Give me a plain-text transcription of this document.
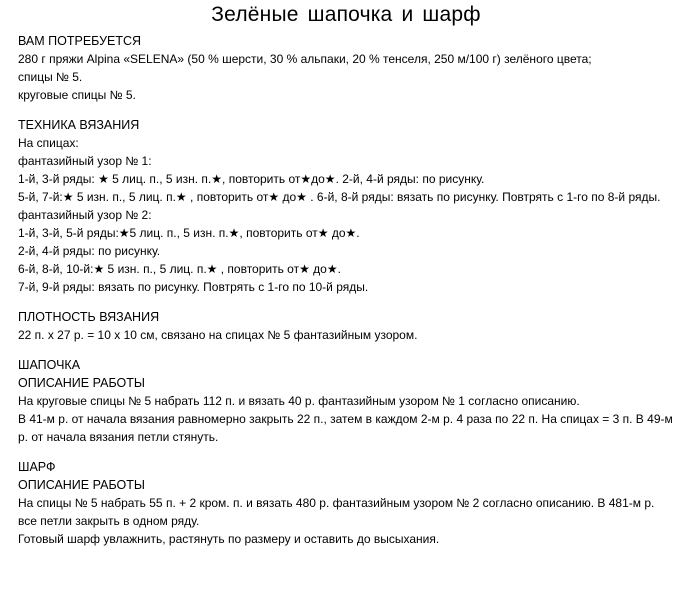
Зелёные шапочка и шарф
ВАМ ПОТРЕБУЕТСЯ
280 г пряжи Alpina «SELENA» (50 % шерсти, 30 % альпаки, 20 % тенселя, 250 м/100 г) зелёного цвета;
спицы № 5.
круговые спицы № 5.
ТЕХНИКА ВЯЗАНИЯ
На спицах:
фантазийный узор № 1:
1-й, 3-й ряды: ★ 5 лиц. п., 5 изн. п.★, повторить от★до★. 2-й, 4-й ряды: по рисунку.
5-й, 7-й:★ 5 изн. п., 5 лиц. п.★ , повторить от★ до★ . 6-й, 8-й ряды: вязать по рисунку. Повтрять с 1-го по 8-й ряды.
фантазийный узор № 2:
1-й, 3-й, 5-й ряды:★5 лиц. п., 5 изн. п.★, повторить от★ до★.
2-й, 4-й ряды: по рисунку.
6-й, 8-й, 10-й:★ 5 изн. п., 5 лиц. п.★ , повторить от★ до★.
7-й, 9-й ряды: вязать по рисунку. Повтрять с 1-го по 10-й ряды.
ПЛОТНОСТЬ ВЯЗАНИЯ
22 п. х 27 р. = 10 х 10 см, связано на спицах № 5 фантазийным узором.
ШАПОЧКА
ОПИСАНИЕ РАБОТЫ
На круговые спицы № 5 набрать 112 п. и вязать 40 р. фантазийным узором № 1 согласно описанию.
В 41-м р. от начала вязания равномерно закрыть 22 п., затем в каждом 2-м р. 4 раза по 22 п. На спицах = 3 п. В 49-м р. от начала вязания петли стянуть.
ШАРФ
ОПИСАНИЕ РАБОТЫ
На спицы № 5 набрать 55 п. + 2 кром. п. и вязать 480 р. фантазийным узором № 2 согласно описанию. В 481-м р. все петли закрыть в одном ряду.
Готовый шарф увлажнить, растянуть по размеру и оставить до высыхания.
